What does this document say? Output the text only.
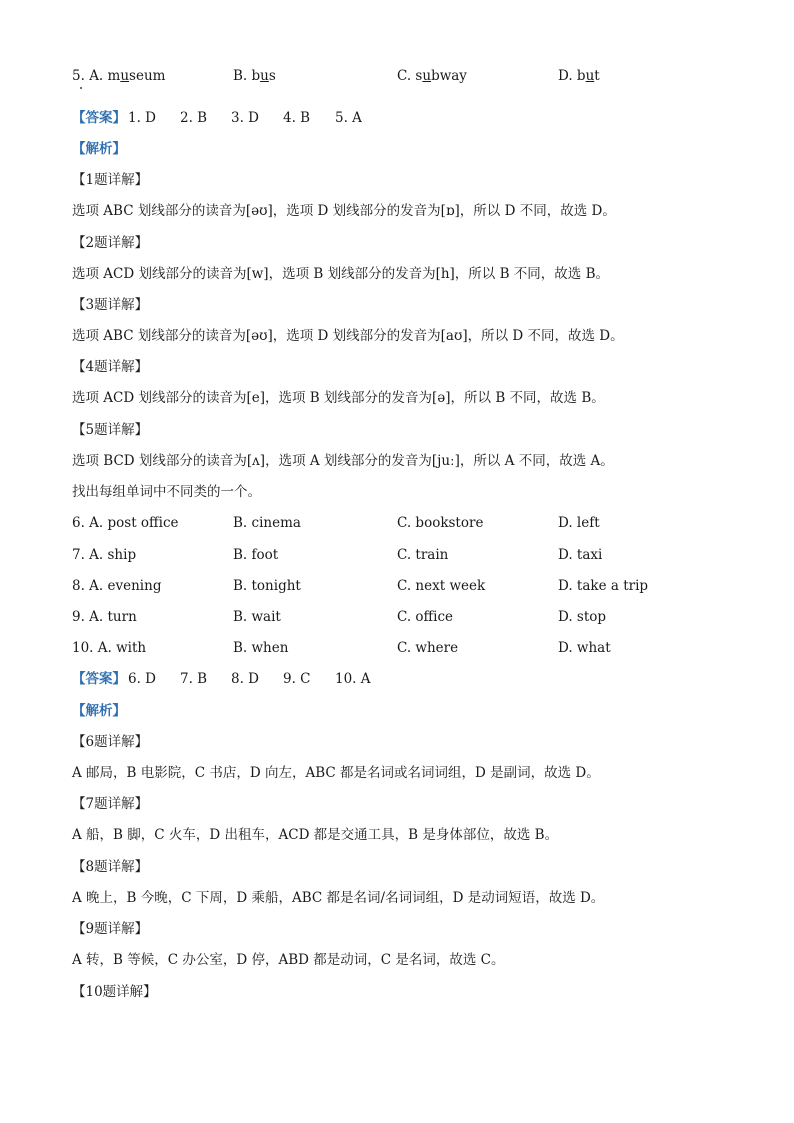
5. A. museum	B. bus	C. subway	D. but
【答案】 1. D 2. B 3. D 4. B 5. A
【解析】
【1题详解】
选项 ABC 划线部分的读音为[əʊ]，选项 D 划线部分的发音为[ɒ]，所以 D 不同，故选 D。
【2题详解】
选项 ACD 划线部分的读音为[w]，选项 B 划线部分的发音为[h]，所以 B 不同，故选 B。
【3题详解】
选项 ABC 划线部分的读音为[əʊ]，选项 D 划线部分的发音为[aʊ]，所以 D 不同，故选 D。
【4题详解】
选项 ACD 划线部分的读音为[e]，选项 B 划线部分的发音为[ə]，所以 B 不同，故选 B。
【5题详解】
选项 BCD 划线部分的读音为[ʌ]，选项 A 划线部分的发音为[juː]，所以 A 不同，故选 A。
找出每组单词中不同类的一个。
6. A. post office	B. cinema	C. bookstore	D. left
7. A. ship	B. foot	C. train	D. taxi
8. A. evening	B. tonight	C. next week	D. take a trip
9. A. turn	B. wait	C. office	D. stop
10. A. with	B. when	C. where	D. what
【答案】 6. D 7. B 8. D 9. C 10. A
【解析】
【6题详解】
A 邮局，B 电影院，C 书店，D 向左，ABC 都是名词或名词词组，D 是副词，故选 D。
【7题详解】
A 船，B 脚，C 火车，D 出租车，ACD 都是交通工具，B 是身体部位，故选 B。
【8题详解】
A 晚上，B 今晚，C 下周，D 乘船，ABC 都是名词/名词词组，D 是动词短语，故选 D。
【9题详解】
A 转，B 等候，C 办公室，D 停，ABD 都是动词，C 是名词，故选 C。
【10题详解】
